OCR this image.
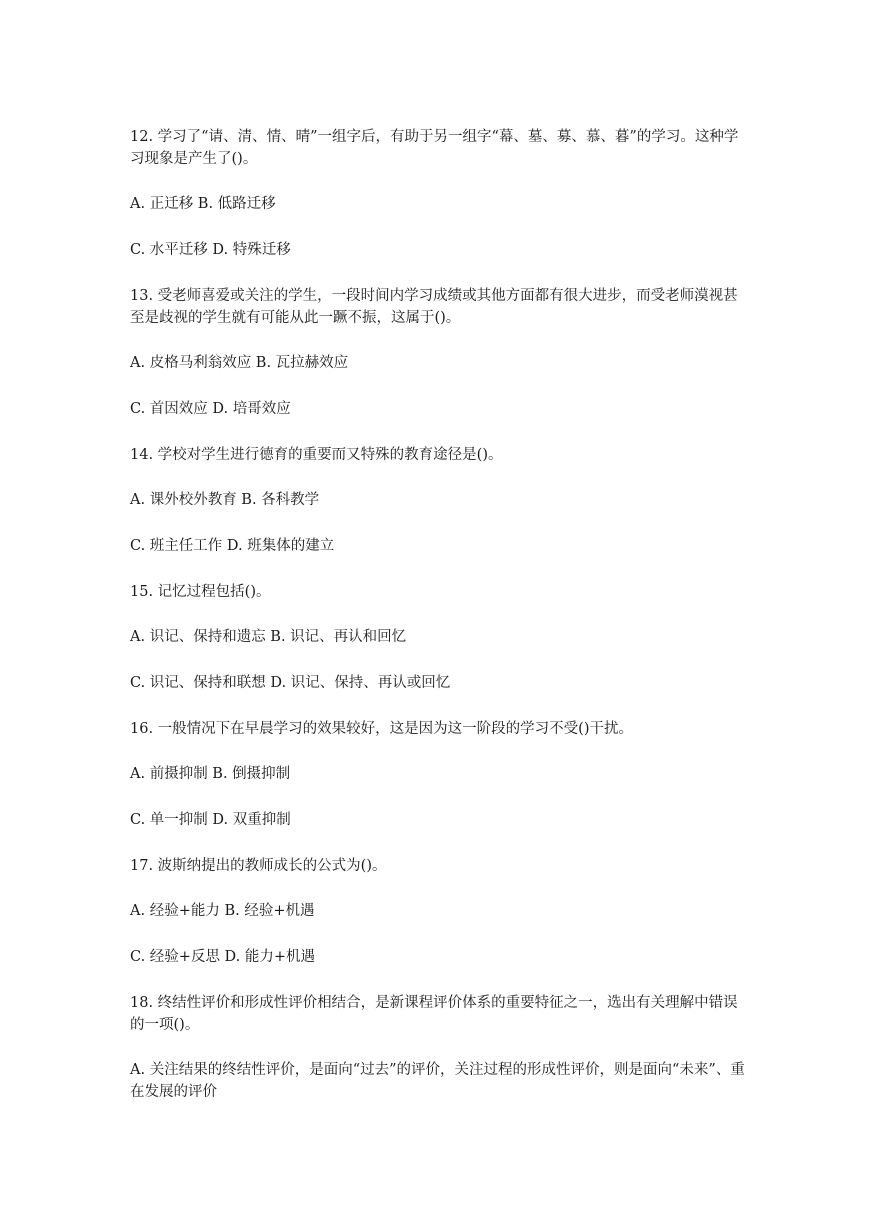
12. 学习了“请、清、情、晴”一组字后，有助于另一组字“幕、墓、募、慕、暮”的学习。这种学习现象是产生了()。

A. 正迁移 B. 低路迁移

C. 水平迁移 D. 特殊迁移

13. 受老师喜爱或关注的学生，一段时间内学习成绩或其他方面都有很大进步，而受老师漠视甚至是歧视的学生就有可能从此一蹶不振，这属于()。

A. 皮格马利翁效应 B. 瓦拉赫效应

C. 首因效应 D. 培哥效应

14. 学校对学生进行德育的重要而又特殊的教育途径是()。

A. 课外校外教育 B. 各科教学

C. 班主任工作 D. 班集体的建立

15. 记忆过程包括()。

A. 识记、保持和遗忘 B. 识记、再认和回忆

C. 识记、保持和联想 D. 识记、保持、再认或回忆

16. 一般情况下在早晨学习的效果较好，这是因为这一阶段的学习不受()干扰。

A. 前摄抑制 B. 倒摄抑制

C. 单一抑制 D. 双重抑制

17. 波斯纳提出的教师成长的公式为()。

A. 经验+能力 B. 经验+机遇

C. 经验+反思 D. 能力+机遇

18. 终结性评价和形成性评价相结合，是新课程评价体系的重要特征之一，选出有关理解中错误的一项()。

A. 关注结果的终结性评价，是面向“过去”的评价，关注过程的形成性评价，则是面向“未来”、重在发展的评价
